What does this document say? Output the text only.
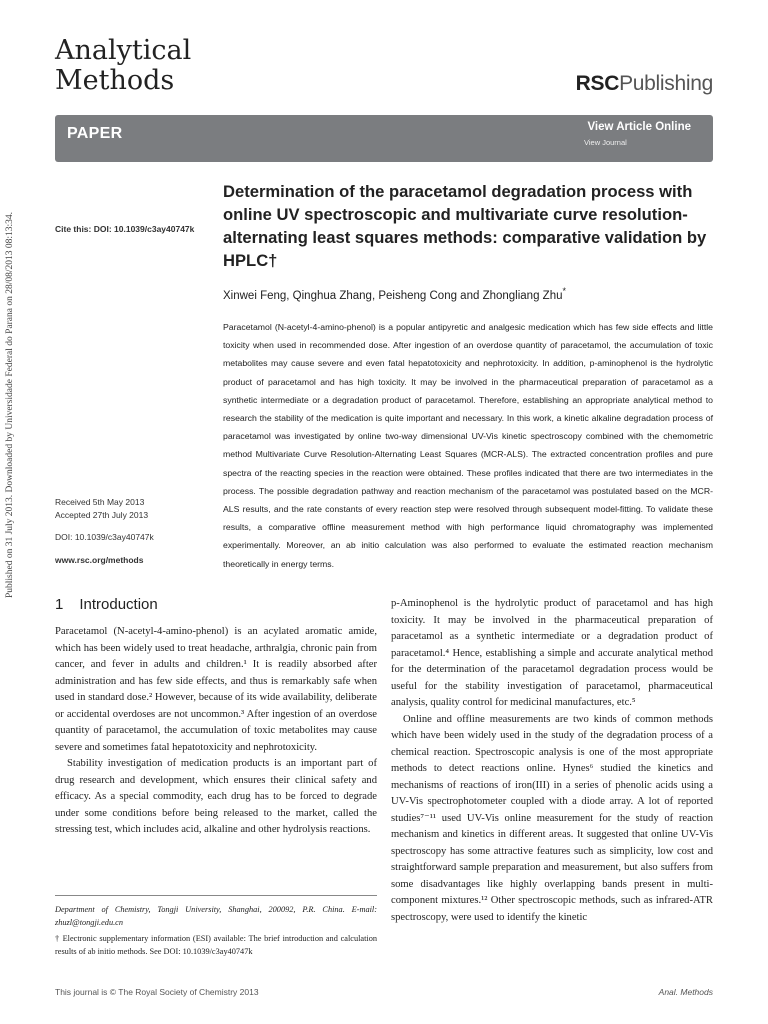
Published on 31 July 2013. Downloaded by Universidade Federal do Parana on 28/08/2013 08:13:34.
Analytical
Methods	RSCPublishing
PAPER	View Article Online
View Journal
Cite this: DOI: 10.1039/c3ay40747k
Determination of the paracetamol degradation process with online UV spectroscopic and multivariate curve resolution-alternating least squares methods: comparative validation by HPLC†
Xinwei Feng, Qinghua Zhang, Peisheng Cong and Zhongliang Zhu*
Paracetamol (N-acetyl-4-amino-phenol) is a popular antipyretic and analgesic medication which has few side effects and little toxicity when used in recommended dose. After ingestion of an overdose quantity of paracetamol, the accumulation of toxic metabolites may cause severe and even fatal hepatotoxicity and nephrotoxicity. In addition, p-aminophenol is the hydrolytic product of paracetamol and has high toxicity. It may be involved in the pharmaceutical preparation of paracetamol as a synthetic intermediate or a degradation product of paracetamol. Therefore, establishing an appropriate analytical method to research the stability of the medication is quite important and necessary. In this work, a kinetic alkaline degradation process of paracetamol was investigated by online two-way dimensional UV-Vis kinetic spectroscopy combined with the chemometric method Multivariate Curve Resolution-Alternating Least Squares (MCR-ALS). The extracted concentration profiles and pure spectra of the reacting species in the reaction were obtained. These profiles indicated that there are two intermediates in the process. The possible degradation pathway and reaction mechanism of the paracetamol was postulated based on the MCR-ALS results, and the rate constants of every reaction step were resolved through subsequent model-fitting. To validate these results, a comparative offline measurement method with high performance liquid chromatography was implemented experimentally. Moreover, an ab initio calculation was also performed to evaluate the estimated reaction mechanism theoretically in energy terms.
Received 5th May 2013
Accepted 27th July 2013
DOI: 10.1039/c3ay40747k
www.rsc.org/methods
1 Introduction

Paracetamol (N-acetyl-4-amino-phenol) is an acylated aromatic amide, which has been widely used to treat headache, arthralgia, chronic pain from cancer, and fever in adults and children.¹ It is readily absorbed after administration and has few side effects, and thus is remarkably safe when used in standard dose.² However, because of its wide availability, deliberate or accidental overdoses are not uncommon.³ After ingestion of an overdose quantity of paracetamol, the accumulation of toxic metabolites may cause severe and sometimes fatal hepatotoxicity and nephrotoxicity.

Stability investigation of medication products is an important part of drug research and development, which ensures their clinical safety and efficacy. As a special commodity, each drug has to be forced to degrade under some conditions before being released to the market, called the stressing test, which includes acid, alkaline and other hydrolysis reactions.

Department of Chemistry, Tongji University, Shanghai, 200092, P.R. China. E-mail: zhuzl@tongji.edu.cn

† Electronic supplementary information (ESI) available: The brief introduction and calculation results of ab initio methods. See DOI: 10.1039/c3ay40747k

p-Aminophenol is the hydrolytic product of paracetamol and has high toxicity. It may be involved in the pharmaceutical preparation of paracetamol as a synthetic intermediate or a degradation product of paracetamol.⁴ Hence, establishing a simple and accurate analytical method for the determination of the paracetamol degradation process would be useful for the stability investigation of paracetamol, pharmaceutical analysis, quality control for medicinal manufactures, etc.⁵

Online and offline measurements are two kinds of common methods which have been widely used in the study of the degradation process of a chemical reaction. Spectroscopic analysis is one of the most appropriate methods to detect reactions online. Hynes⁶ studied the kinetics and mechanisms of reactions of iron(III) in a series of phenolic acids using a UV-Vis spectrophotometer coupled with a diode array. A lot of reported studies⁷⁻¹¹ used UV-Vis online measurement for the study of reaction mechanism and kinetics in different areas. It suggested that online UV-Vis spectroscopy has some attractive features such as simplicity, low cost and straightforward sample preparation and measurement, but also suffers from some disadvantages like highly overlapping bands present in multi-component mixtures.¹² Other spectroscopic methods, such as infrared-ATR spectroscopy, were used to identify the kinetic

This journal is © The Royal Society of Chemistry 2013	Anal. Methods
